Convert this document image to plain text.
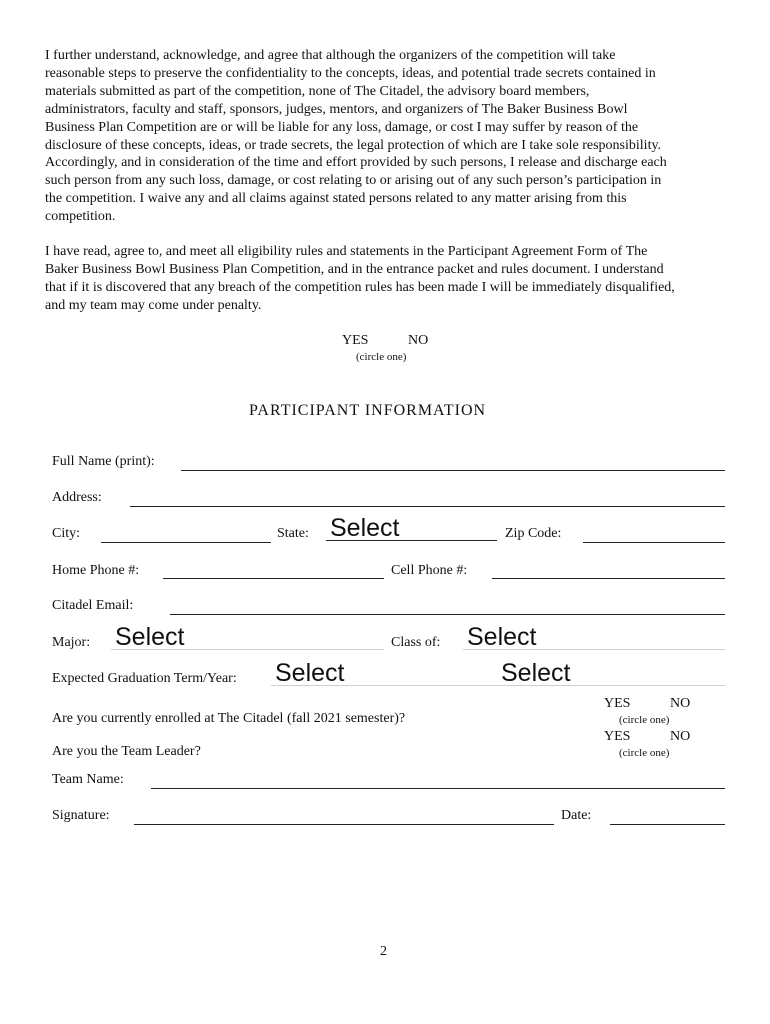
I further understand, acknowledge, and agree that although the organizers of the competition will take
reasonable steps to preserve the confidentiality to the concepts, ideas, and potential trade secrets contained in
materials submitted as part of the competition, none of The Citadel, the advisory board members,
administrators, faculty and staff, sponsors, judges, mentors, and organizers of The Baker Business Bowl
Business Plan Competition are or will be liable for any loss, damage, or cost I may suffer by reason of the
disclosure of these concepts, ideas, or trade secrets, the legal protection of which are I take sole responsibility.
Accordingly, and in consideration of the time and effort provided by such persons, I release and discharge each
such person from any such loss, damage, or cost relating to or arising out of any such person’s participation in
the competition. I waive any and all claims against stated persons related to any matter arising from this
competition.
I have read, agree to, and meet all eligibility rules and statements in the Participant Agreement Form of The
Baker Business Bowl Business Plan Competition, and in the entrance packet and rules document. I understand
that if it is discovered that any breach of the competition rules has been made I will be immediately disqualified,
and my team may come under penalty.
YES	NO
(circle one)
PARTICIPANT INFORMATION
Full Name (print):
Address:
City:	State: Select	Zip Code:
Home Phone #:	Cell Phone #:
Citadel Email:
Major: Select	Class of: Select
Expected Graduation Term/Year: Select	Select
Are you currently enrolled at The Citadel (fall 2021 semester)?
YES	NO
(circle one)
Are you the Team Leader?
YES	NO
(circle one)
Team Name:
Signature:	Date:
2
